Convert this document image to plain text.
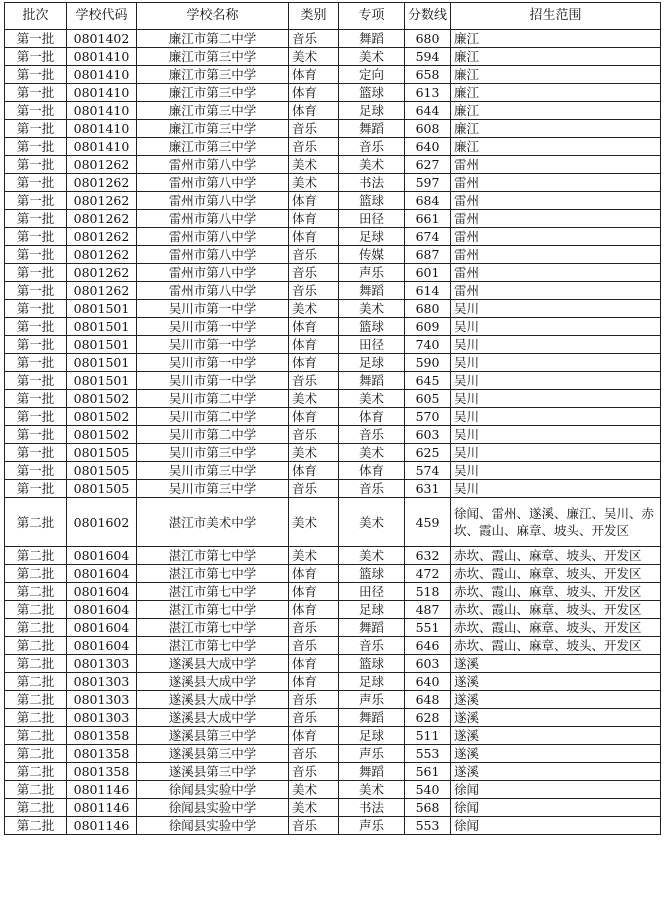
批次	学校代码	学校名称	类别	专项	分数线	招生范围
第一批	0801402	廉江市第二中学	音乐	舞蹈	680	廉江
第一批	0801410	廉江市第三中学	美术	美术	594	廉江
第一批	0801410	廉江市第三中学	体育	定向	658	廉江
第一批	0801410	廉江市第三中学	体育	篮球	613	廉江
第一批	0801410	廉江市第三中学	体育	足球	644	廉江
第一批	0801410	廉江市第三中学	音乐	舞蹈	608	廉江
第一批	0801410	廉江市第三中学	音乐	音乐	640	廉江
第一批	0801262	雷州市第八中学	美术	美术	627	雷州
第一批	0801262	雷州市第八中学	美术	书法	597	雷州
第一批	0801262	雷州市第八中学	体育	篮球	684	雷州
第一批	0801262	雷州市第八中学	体育	田径	661	雷州
第一批	0801262	雷州市第八中学	体育	足球	674	雷州
第一批	0801262	雷州市第八中学	音乐	传媒	687	雷州
第一批	0801262	雷州市第八中学	音乐	声乐	601	雷州
第一批	0801262	雷州市第八中学	音乐	舞蹈	614	雷州
第一批	0801501	吴川市第一中学	美术	美术	680	吴川
第一批	0801501	吴川市第一中学	体育	篮球	609	吴川
第一批	0801501	吴川市第一中学	体育	田径	740	吴川
第一批	0801501	吴川市第一中学	体育	足球	590	吴川
第一批	0801501	吴川市第一中学	音乐	舞蹈	645	吴川
第一批	0801502	吴川市第二中学	美术	美术	605	吴川
第一批	0801502	吴川市第二中学	体育	体育	570	吴川
第一批	0801502	吴川市第二中学	音乐	音乐	603	吴川
第一批	0801505	吴川市第三中学	美术	美术	625	吴川
第一批	0801505	吴川市第三中学	体育	体育	574	吴川
第一批	0801505	吴川市第三中学	音乐	音乐	631	吴川
第二批	0801602	湛江市美术中学	美术	美术	459	徐闻、雷州、遂溪、廉江、吴川、赤坎、霞山、麻章、坡头、开发区
第二批	0801604	湛江市第七中学	美术	美术	632	赤坎、霞山、麻章、坡头、开发区
第二批	0801604	湛江市第七中学	体育	篮球	472	赤坎、霞山、麻章、坡头、开发区
第二批	0801604	湛江市第七中学	体育	田径	518	赤坎、霞山、麻章、坡头、开发区
第二批	0801604	湛江市第七中学	体育	足球	487	赤坎、霞山、麻章、坡头、开发区
第二批	0801604	湛江市第七中学	音乐	舞蹈	551	赤坎、霞山、麻章、坡头、开发区
第二批	0801604	湛江市第七中学	音乐	音乐	646	赤坎、霞山、麻章、坡头、开发区
第二批	0801303	遂溪县大成中学	体育	篮球	603	遂溪
第二批	0801303	遂溪县大成中学	体育	足球	640	遂溪
第二批	0801303	遂溪县大成中学	音乐	声乐	648	遂溪
第二批	0801303	遂溪县大成中学	音乐	舞蹈	628	遂溪
第二批	0801358	遂溪县第三中学	体育	足球	511	遂溪
第二批	0801358	遂溪县第三中学	音乐	声乐	553	遂溪
第二批	0801358	遂溪县第三中学	音乐	舞蹈	561	遂溪
第二批	0801146	徐闻县实验中学	美术	美术	540	徐闻
第二批	0801146	徐闻县实验中学	美术	书法	568	徐闻
第二批	0801146	徐闻县实验中学	音乐	声乐	553	徐闻
